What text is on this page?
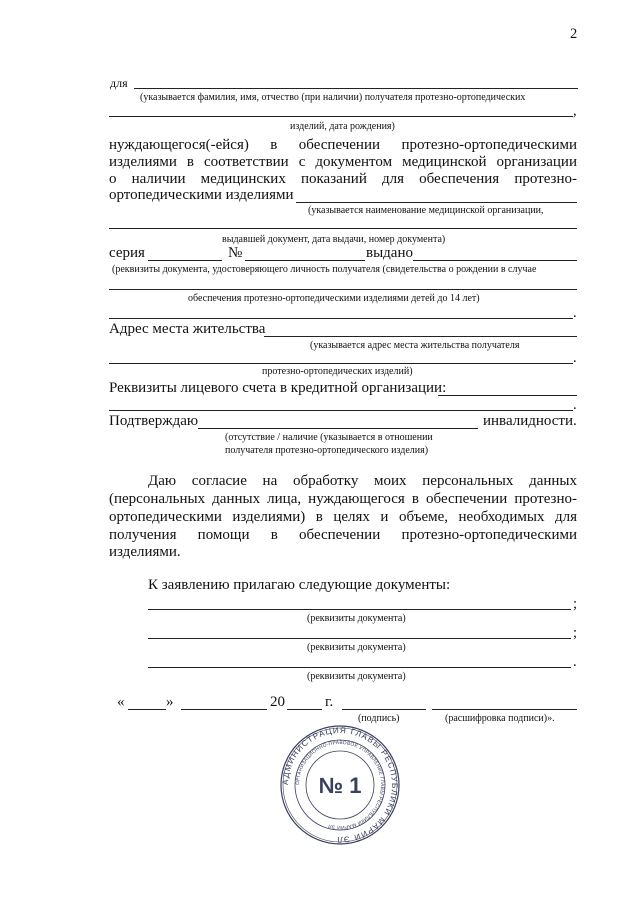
2
для
(указывается фамилия, имя, отчество (при наличии) получателя протезно-ортопедических
,
изделий, дата рождения)
нуждающегося(-ейся) в обеспечении протезно-ортопедическими
изделиями в соответствии с документом медицинской организации
о наличии медицинских показаний для обеспечения протезно-
ортопедическими изделиями
(указывается наименование медицинской организации,
выдавшей документ, дата выдачи, номер документа)
серия	№	выдано
(реквизиты документа, удостоверяющего личность получателя (свидетельства о рождении в случае
обеспечения протезно-ортопедическими изделиями детей до 14 лет)
.
Адрес места жительства
(указывается адрес места жительства получателя
.
протезно-ортопедических изделий)
Реквизиты лицевого счета в кредитной организации:
.
Подтверждаю	инвалидности.
(отсутствие / наличие (указывается в отношении
получателя протезно-ортопедического изделия)
Даю согласие на обработку моих персональных данных
(персональных данных лица, нуждающегося в обеспечении протезно-
ортопедическими изделиями) в целях и объеме, необходимых для
получения помощи в обеспечении протезно-ортопедическими
изделиями.
К заявлению прилагаю следующие документы:
;
(реквизиты документа)
;
(реквизиты документа)
.
(реквизиты документа)
«	»	20	г.
(подпись)	(расшифровка подписи)».
АДМИНИСТРАЦИЯ ГЛАВЫ РЕСПУБЛИКИ МАРИЙ ЭЛ
ОРГАНИЗАЦИОННО-ПРАВОВОЕ УПРАВЛЕНИЕ ГЛАВЫ РЕСПУБЛИКИ МАРИЙ ЭЛ
№ 1
